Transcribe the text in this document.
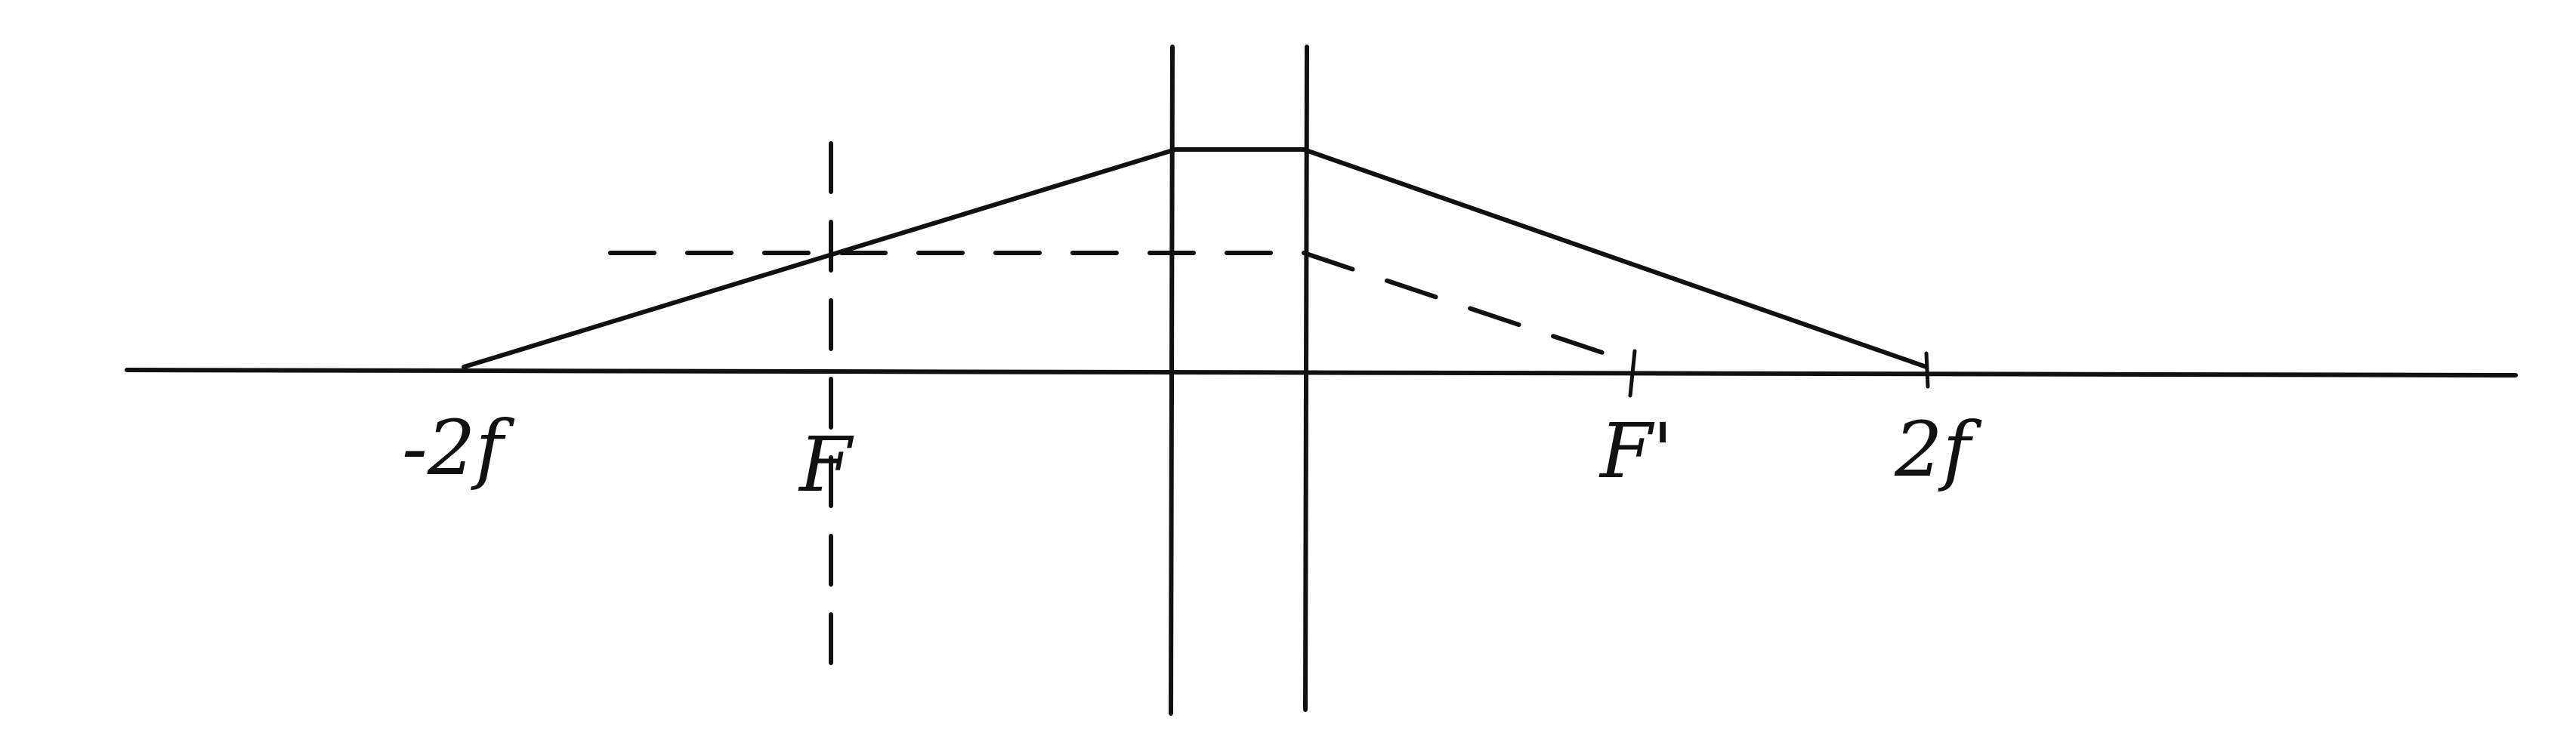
-2f	F	F'	2f
